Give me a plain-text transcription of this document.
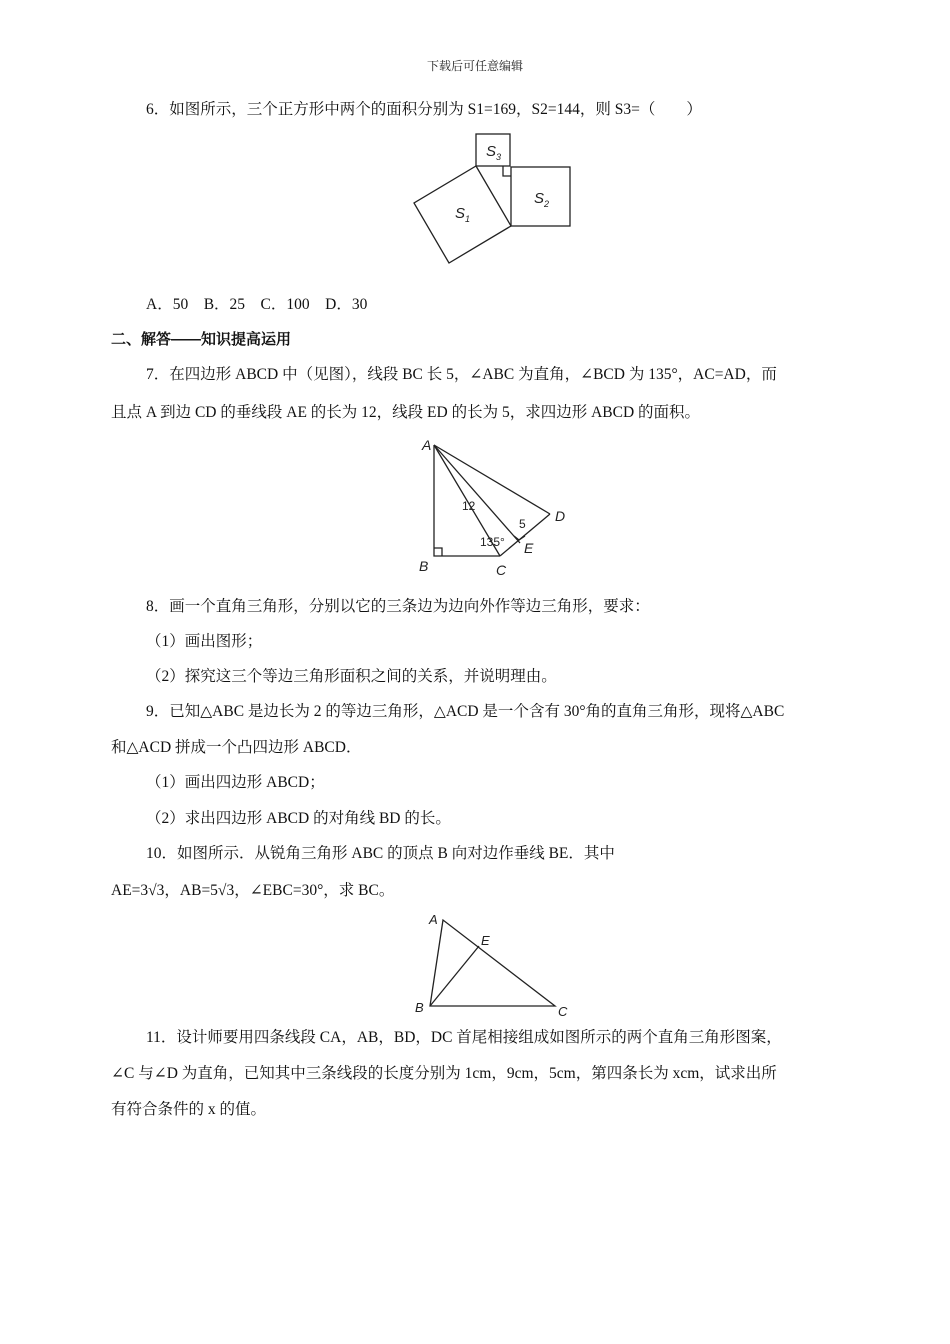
下载后可任意编辑
6．如图所示，三个正方形中两个的面积分别为 S1=169，S2=144，则 S3=（　　）
$S_3$
$S_2$
$S_1$
A．50　B．25　C．100　D．30
二、解答——知识提高运用
7．在四边形 ABCD 中（见图），线段 BC 长 5，∠ABC 为直角，∠BCD 为 135°，AC=AD，而
且点 A 到边 CD 的垂线段 AE 的长为 12，线段 ED 的长为 5，求四边形 ABCD 的面积。
A
B	C
D
E
12
5
135°
8．画一个直角三角形，分别以它的三条边为边向外作等边三角形，要求：
（1）画出图形；
（2）探究这三个等边三角形面积之间的关系，并说明理由。
9．已知△ABC 是边长为 2 的等边三角形，△ACD 是一个含有 30°角的直角三角形，现将△ABC
和△ACD 拼成一个凸四边形 ABCD．
（1）画出四边形 ABCD；
（2）求出四边形 ABCD 的对角线 BD 的长。
10．如图所示．从锐角三角形 ABC 的顶点 B 向对边作垂线 BE．其中
AE=3√3，AB=5√3，∠EBC=30°，求 BC。
A
B	C
E
11．设计师要用四条线段 CA，AB，BD，DC 首尾相接组成如图所示的两个直角三角形图案，
∠C 与∠D 为直角，已知其中三条线段的长度分别为 1cm，9cm，5cm，第四条长为 xcm，试求出所
有符合条件的 x 的值。
